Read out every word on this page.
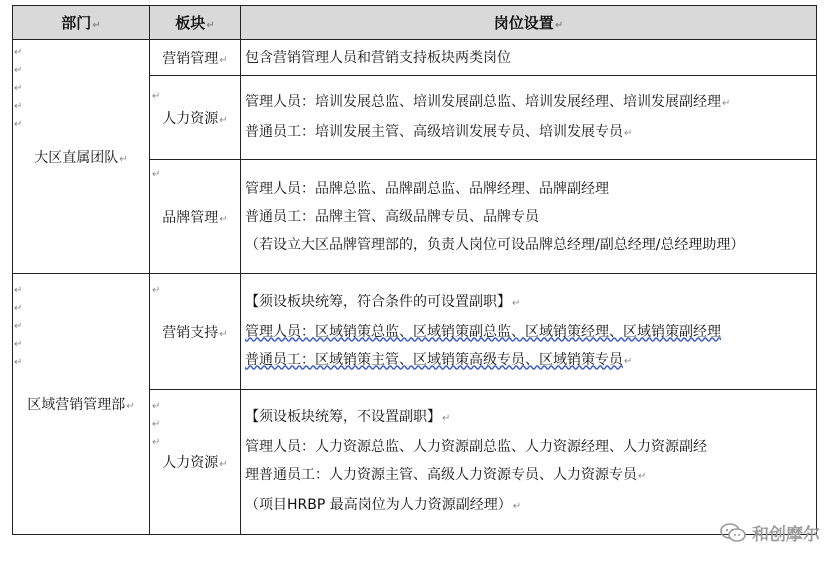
部门↵	板块↵	岗位设置↵
大区直属团队↵	营销管理↵	包含营销管理人员和营销支持板块两类岗位

	人力资源↵	管理人员：培训发展总监、培训发展副总监、培训发展经理、培训发展副经理↵
普通员工：培训发展主管、高级培训发展专员、培训发展专员↵

	品牌管理↵	管理人员：品牌总监、品牌副总监、品牌经理、品牌副经理
普通员工：品牌主管、高级品牌专员、品牌专员
（若设立大区品牌管理部的，负责人岗位可设品牌总经理/副总经理/总经理助理）

区域营销管理部↵	营销支持↵	【须设板块统筹，符合条件的可设置副职】↵
管理人员：区域销策总监、区域销策副总监、区域销策经理、区域销策副经理
普通员工：区域销策主管、区域销策高级专员、区域销策专员↵

	人力资源↵	【须设板块统筹，不设置副职】↵
管理人员：人力资源总监、人力资源副总监、人力资源经理、人力资源副经
理普通员工：人力资源主管、高级人力资源专员、人力资源专员↵
（项目HRBP 最高岗位为人力资源副经理）↵
↵
↵
↵
↵
↵
↵
↵
↵
↵
↵
↵
↵
↵
↵
↵
↵
和创摩尔
